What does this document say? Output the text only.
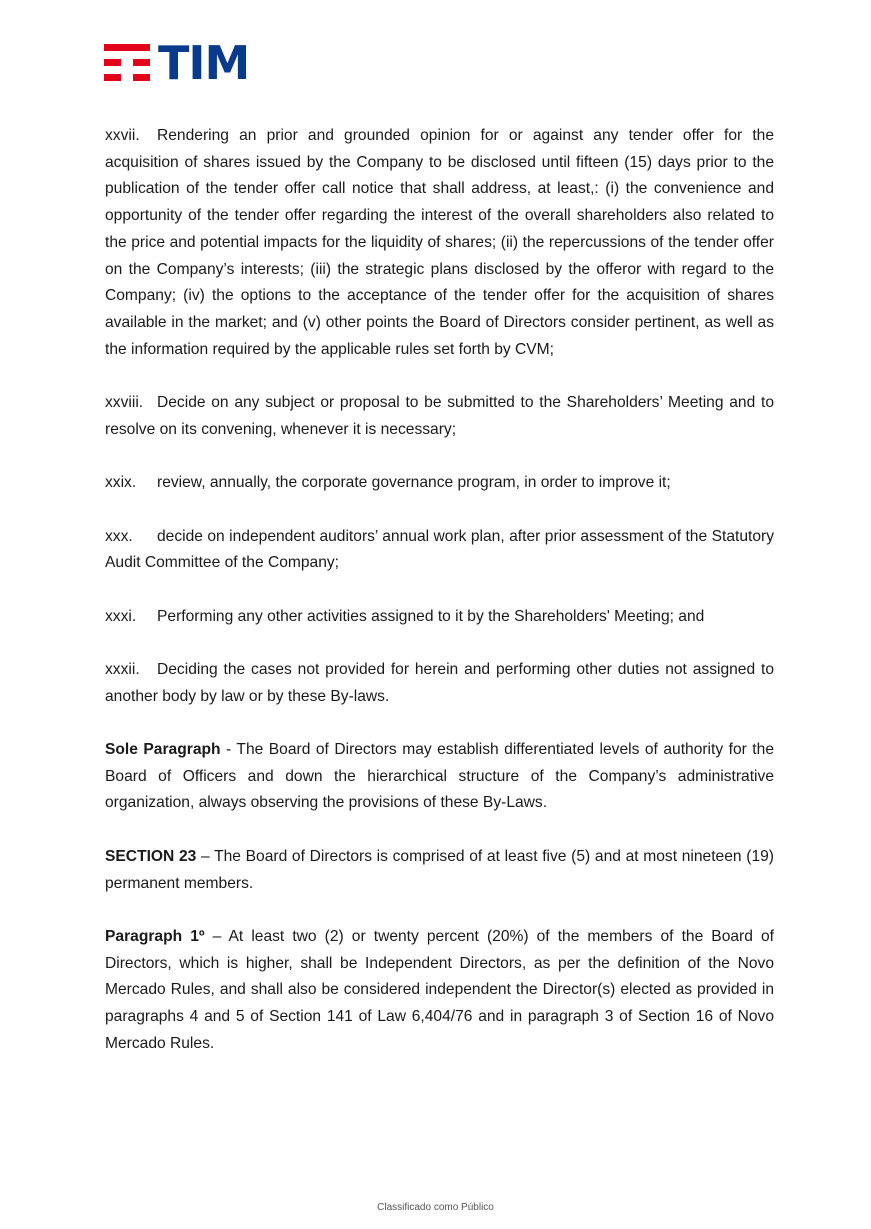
TIM

xxvii. Rendering an prior and grounded opinion for or against any tender offer for the acquisition of shares issued by the Company to be disclosed until fifteen (15) days prior to the publication of the tender offer call notice that shall address, at least,: (i) the convenience and opportunity of the tender offer regarding the interest of the overall shareholders also related to the price and potential impacts for the liquidity of shares; (ii) the repercussions of the tender offer on the Company’s interests; (iii) the strategic plans disclosed by the offeror with regard to the Company; (iv) the options to the acceptance of the tender offer for the acquisition of shares available in the market; and (v) other points the Board of Directors consider pertinent, as well as the information required by the applicable rules set forth by CVM;

xxviii. Decide on any subject or proposal to be submitted to the Shareholders’ Meeting and to resolve on its convening, whenever it is necessary;

xxix. review, annually, the corporate governance program, in order to improve it;

xxx. decide on independent auditors’ annual work plan, after prior assessment of the Statutory Audit Committee of the Company;

xxxi. Performing any other activities assigned to it by the Shareholders' Meeting; and

xxxii. Deciding the cases not provided for herein and performing other duties not assigned to another body by law or by these By-laws.

Sole Paragraph - The Board of Directors may establish differentiated levels of authority for the Board of Officers and down the hierarchical structure of the Company’s administrative organization, always observing the provisions of these By-Laws.

SECTION 23 – The Board of Directors is comprised of at least five (5) and at most nineteen (19) permanent members.

Paragraph 1º – At least two (2) or twenty percent (20%) of the members of the Board of Directors, which is higher, shall be Independent Directors, as per the definition of the Novo Mercado Rules, and shall also be considered independent the Director(s) elected as provided in paragraphs 4 and 5 of Section 141 of Law 6,404/76 and in paragraph 3 of Section 16 of Novo Mercado Rules.

Classificado como Público
